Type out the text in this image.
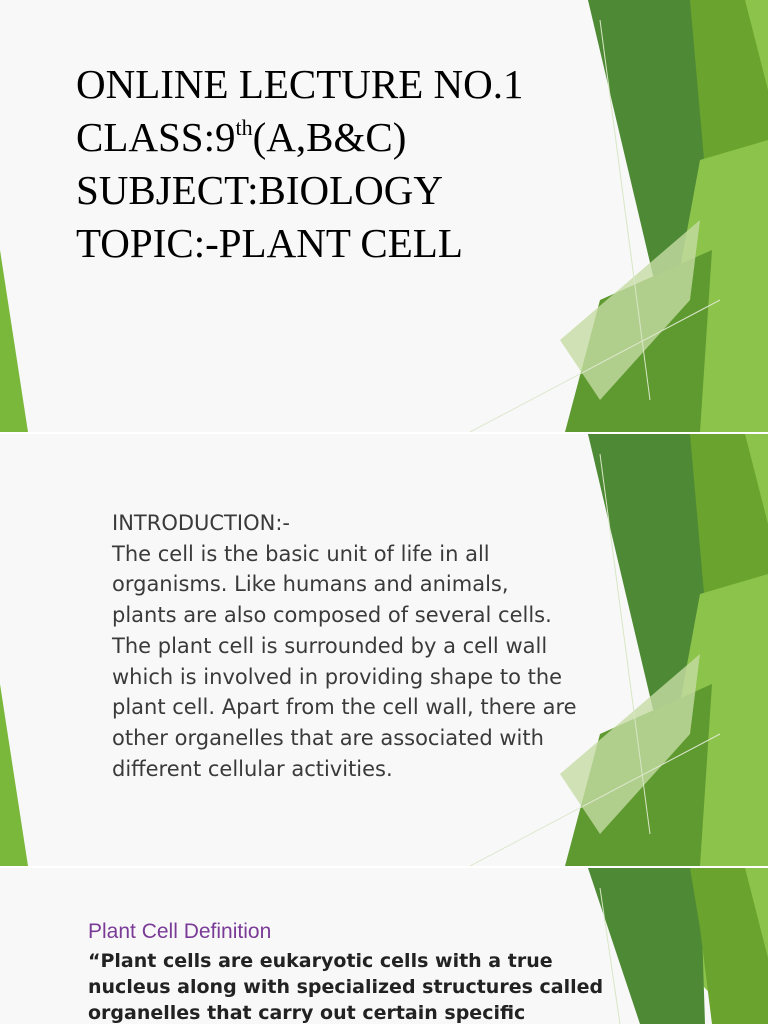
ONLINE LECTURE NO.1
CLASS:9th(A,B&C)
SUBJECT:BIOLOGY
TOPIC:-PLANT CELL
INTRODUCTION:-
The cell is the basic unit of life in all
organisms. Like humans and animals,
plants are also composed of several cells.
The plant cell is surrounded by a cell wall
which is involved in providing shape to the
plant cell. Apart from the cell wall, there are
other organelles that are associated with
different cellular activities.
Plant Cell Definition
“Plant cells are eukaryotic cells with a true
nucleus along with specialized structures called
organelles that carry out certain specific
